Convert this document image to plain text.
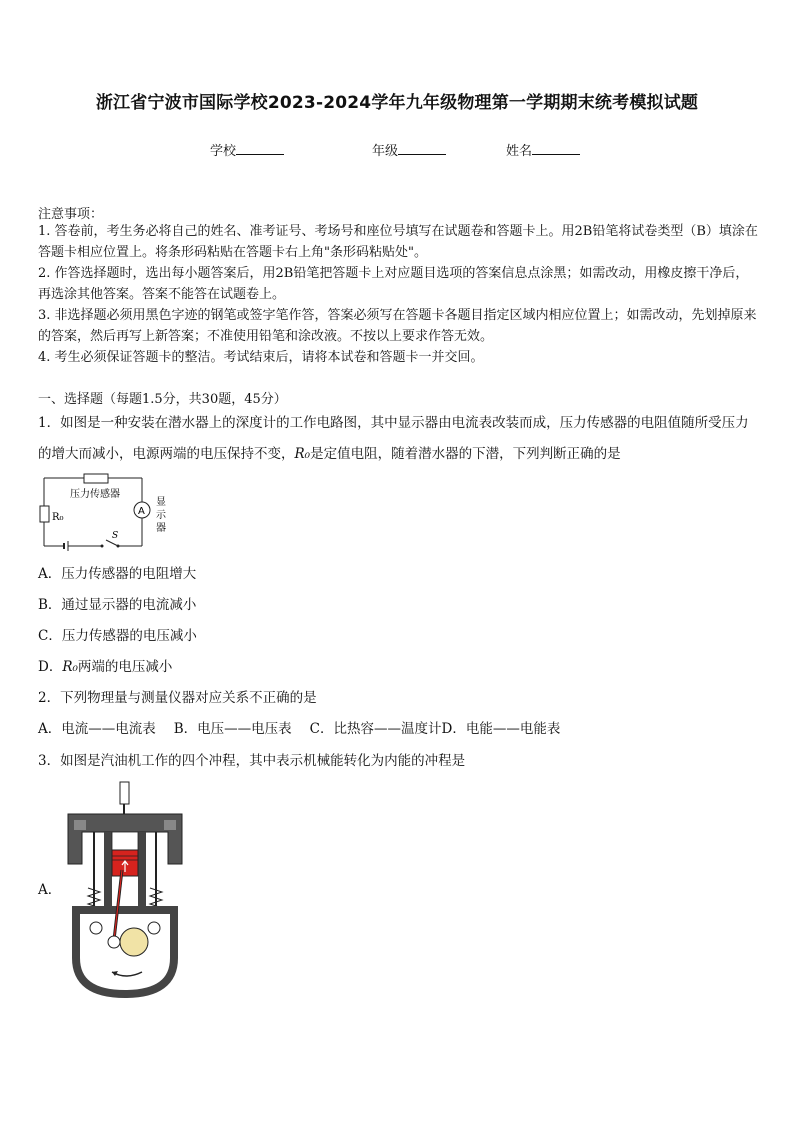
浙江省宁波市国际学校2023-2024学年九年级物理第一学期期末统考模拟试题
学校	年级	姓名
注意事项：
1. 答卷前，考生务必将自己的姓名、准考证号、考场号和座位号填写在试题卷和答题卡上。用2B铅笔将试卷类型（B）填涂在答题卡相应位置上。将条形码粘贴在答题卡右上角"条形码粘贴处"。
2. 作答选择题时，选出每小题答案后，用2B铅笔把答题卡上对应题目选项的答案信息点涂黑；如需改动，用橡皮擦干净后，再选涂其他答案。答案不能答在试题卷上。
3. 非选择题必须用黑色字迹的钢笔或签字笔作答，答案必须写在答题卡各题目指定区域内相应位置上；如需改动，先划掉原来的答案，然后再写上新答案；不准使用铅笔和涂改液。不按以上要求作答无效。
4. 考生必须保证答题卡的整洁。考试结束后，请将本试卷和答题卡一并交回。
一、选择题（每题1.5分，共30题，45分）
1．如图是一种安装在潜水器上的深度计的工作电路图，其中显示器由电流表改装而成，压力传感器的电阻值随所受压力的增大而减小，电源两端的电压保持不变，R₀是定值电阻，随着潜水器的下潜，下列判断正确的是
压力传感器
R₀
A
显
示
器
S
A．压力传感器的电阻增大
B．通过显示器的电流减小
C．压力传感器的电压减小
D．R₀两端的电压减小
2．下列物理量与测量仪器对应关系不正确的是
A．电流——电流表 B．电压——电压表 C．比热容——温度计D．电能——电能表
3．如图是汽油机工作的四个冲程，其中表示机械能转化为内能的冲程是
A．
